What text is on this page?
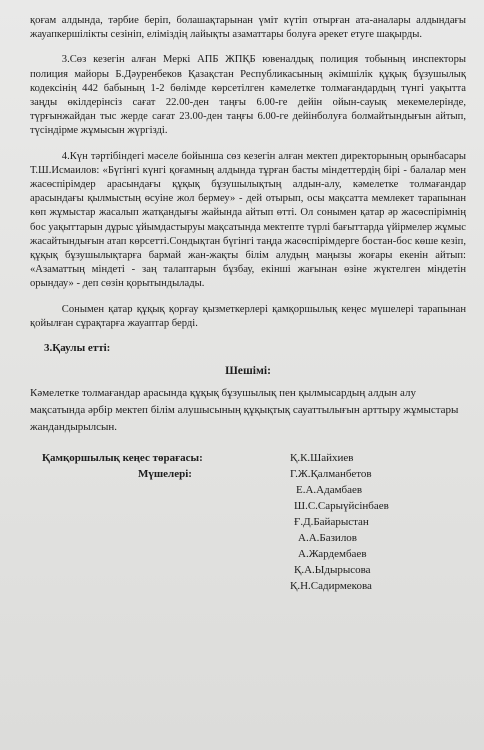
қоғам алдында, тәрбие беріп, болашақтарынан үміт күтіп отырған ата-аналары алдындағы жауапкершілікты сезініп, еліміздің лайықты азаматтары болуға әрекет етуге шақырды.

3.Сөз кезегін алған Меркі АПБ ЖПҚБ ювеналдық полиция тобының инспекторы полиция майоры Б.Дәуренбеков Қазақстан Республикасының әкімшілік құқық бұзушылық кодексінің 442 бабының 1-2 бөлімде көрсетілген кәмелетке толмағандардың түнгі уақытта заңды өкілдерінсіз сағат 22.00-ден таңғы 6.00-ге дейін ойын-сауық мекемелерінде, түрғынжайдан тыс жерде сағат 23.00-ден таңғы 6.00-ге дейінболуға болмайтындығын айтып, түсіндірме жұмысын жүргізді.

4.Күн тәртібіндегі мәселе бойынша сөз кезегін алған мектеп директорының орынбасары Т.Ш.Исмаилов: «Бүгінгі күнгі қоғамның алдында тұрған басты міндеттердің бірі - балалар мен жасөспірімдер арасындағы құқық бұзушылықтың алдын-алу, кәмелетке толмағандар арасындағы қылмыстың өсуіне жол бермеу» - дей отырып, осы мақсатта мемлекет тарапынан көп жұмыстар жасалып жатқандығы жайында айтып өтті. Ол сонымен қатар әр жасөспірімнің бос уақыттарын дұрыс ұйымдастыруы мақсатында мектепте түрлі бағыттарда үйірмелер жұмыс жасайтындығын атап көрсетті.Сондықтан бүгінгі таңда жасөспірімдерге бостан-бос көше кезіп, құқық бұзушылықтарға бармай жан-жақты білім алудың маңызы жоғары екенін айтып: «Азаматтың міндеті - заң талаптарын бұзбау, екінші жағынан өзіне жүктелген міндетін орындау» - деп сөзін қорытындылады.

Сонымен қатар құқық қорғау қызметкерлері қамқоршылық кеңес мүшелері тарапынан қойылған сұрақтарға жауаптар берді.

3.Қаулы етті:
Шешімі:

Кәмелетке толмағандар арасында құқық бұзушылық пен қылмысардың алдын алу мақсатында әрбір мектеп білім алушысының құқықтық сауаттылығын арттыру жұмыстары жандандырылсын.

Қамқоршылық кеңес төрағасы:
Мүшелері:
Қ.К.Шайхиев
Г.Ж.Қалманбетов
Е.А.Адамбаев
Ш.С.Сарыүйсінбаев
Ғ.Д.Байарыстан
А.А.Базилов
А.Жардембаев
Қ.А.Ыдырысова
Қ.Н.Садирмекова
